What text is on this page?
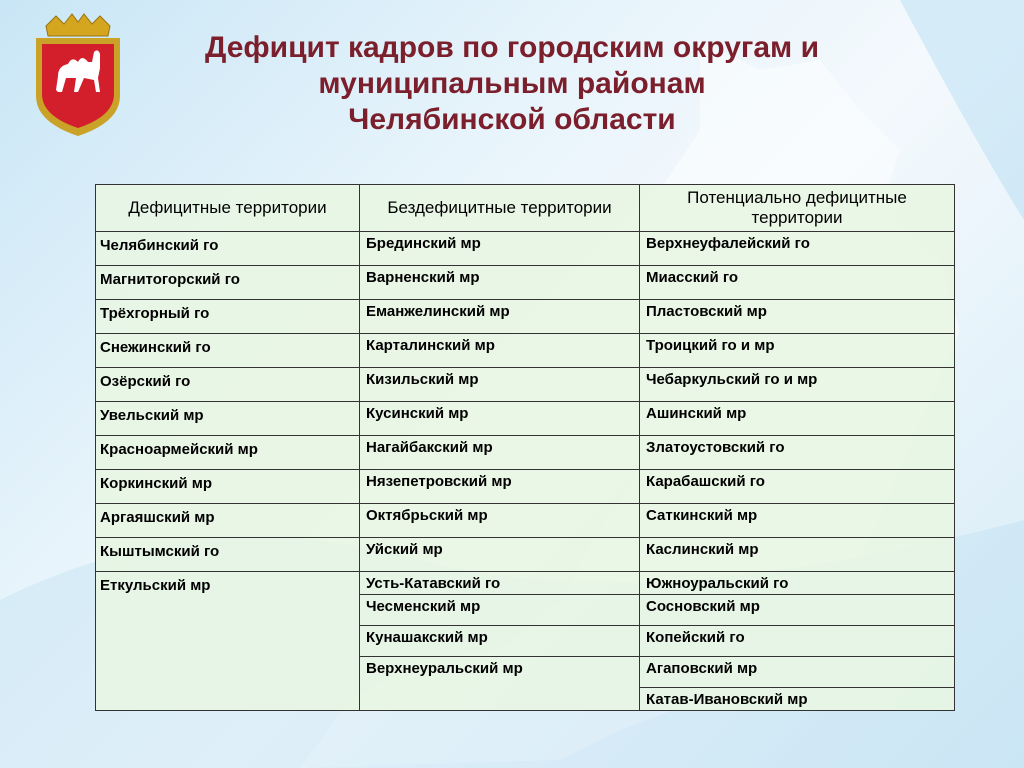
Дефицит кадров по городским округам и
муниципальным районам
Челябинской области
Дефицитные территории	Бездефицитные территории	Потенциально дефицитные территории
Челябинский го	Брединский мр	Верхнеуфалейский го
Магнитогорский го	Варненский мр	Миасский го
Трёхгорный го	Еманжелинский мр	Пластовский мр
Снежинский го	Карталинский мр	Троицкий го и мр
Озёрский го	Кизильский мр	Чебаркульский го и мр
Увельский мр	Кусинский мр	Ашинский мр
Красноармейский мр	Нагайбакский мр	Златоустовский го
Коркинский мр	Нязепетровский мр	Карабашский го
Аргаяшский мр	Октябрьский мр	Саткинский мр
Кыштымский го	Уйский мр	Каслинский мр
Еткульский мр	Усть-Катавский го	Южноуральский го
	Чесменский мр	Сосновский мр
	Кунашакский мр	Копейский го
	Верхнеуральский мр	Агаповский мр
		Катав-Ивановский мр
